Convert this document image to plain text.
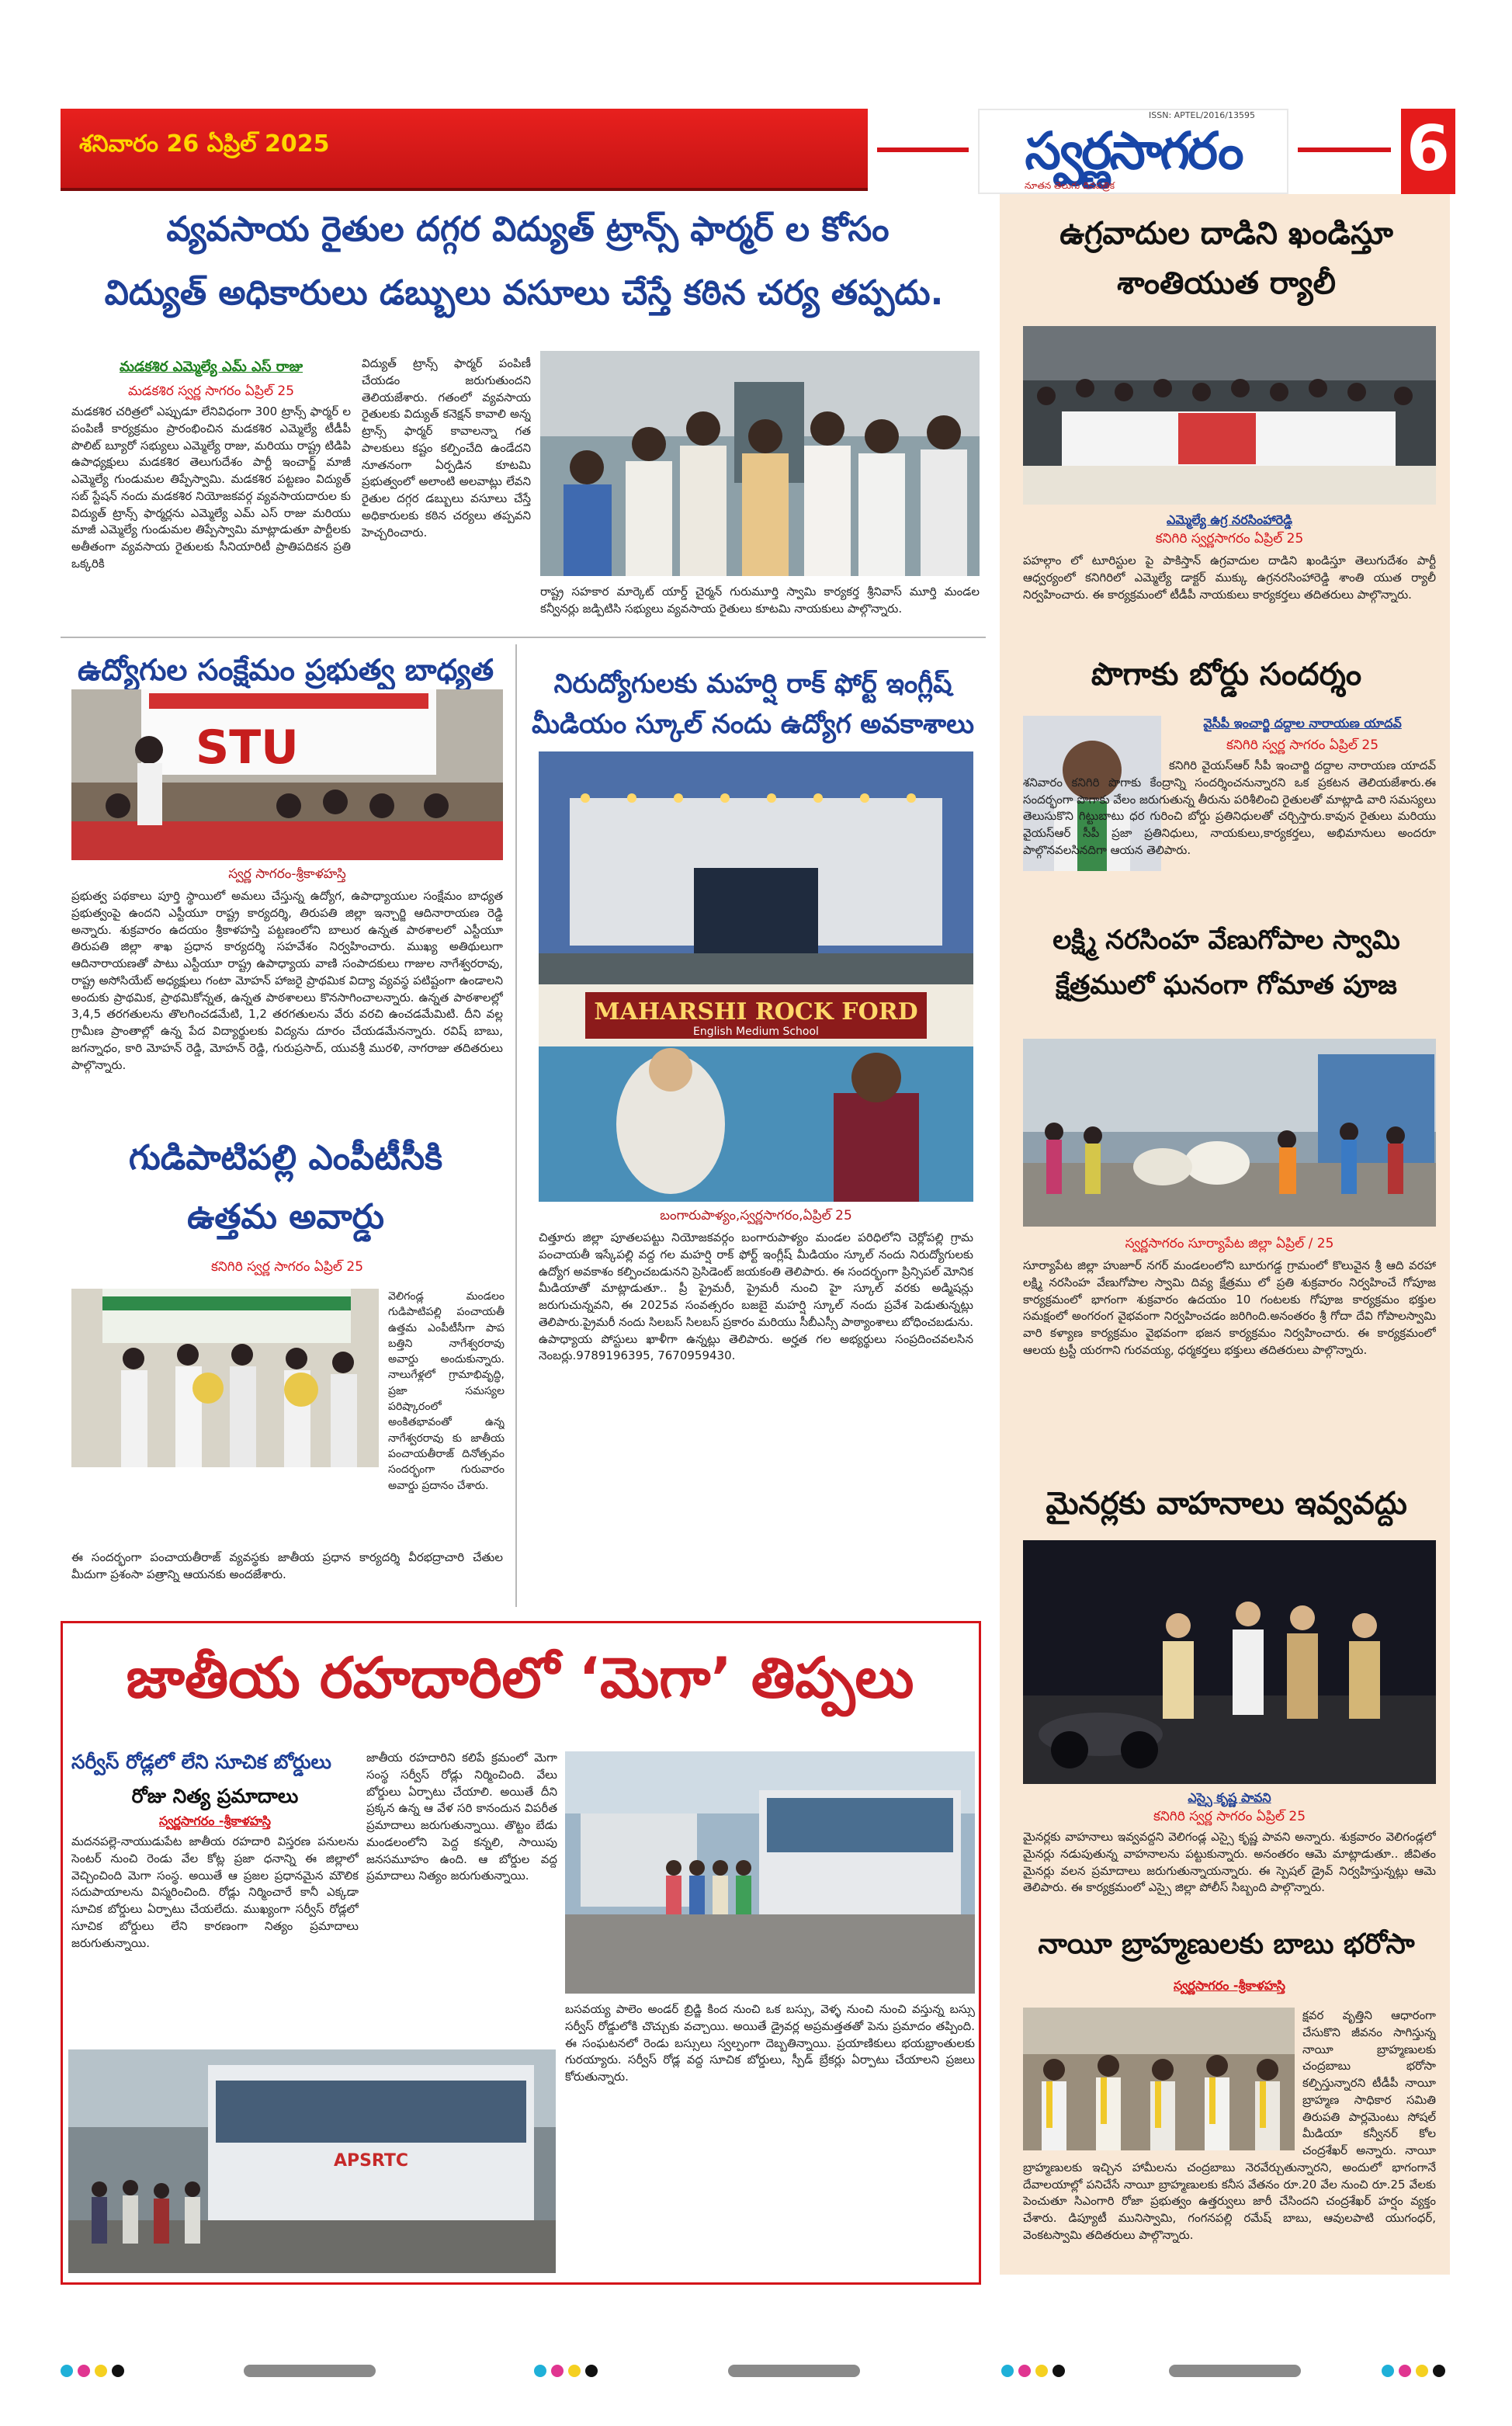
శనివారం 26 ఏప్రిల్ 2025
ISSN: APTEL/2016/13595
స్వర్ణసాగరం
నూతన తెలుగు దినపత్రిక
6
వ్యవసాయ రైతుల దగ్గర విద్యుత్ ట్రాన్స్ ఫార్మర్ ల కోసం
విద్యుత్ అధికారులు డబ్బులు వసూలు చేస్తే కఠిన చర్య తప్పదు.
మడకశిర ఎమ్మెల్యే ఎమ్ ఎస్ రాజు
మడకశిర స్వర్ణ సాగరం ఏప్రిల్ 25
మడకశిర చరిత్రలో ఎప్పుడూ లేనివిధంగా 300 ట్రాన్స్ ఫార్మర్ ల పంపిణీ కార్యక్రమం ప్రారంభించిన మడకశిర ఎమ్మెల్యే టీడీపీ పొలిట్ బ్యూరో సభ్యులు ఎమ్మెల్యే రాజు, మరియు రాష్ట్ర టిడిపి ఉపాధ్యక్షులు మడకశిర తెలుగుదేశం పార్టీ ఇంచార్జ్ మాజీ ఎమ్మెల్యే గుండుమల తిప్పేస్వామి. మడకశిర పట్టణం విద్యుత్ సబ్ స్టేషన్ నందు మడకశిర నియోజకవర్గ వ్యవసాయదారుల కు విద్యుత్ ట్రాన్స్ ఫార్మర్లను ఎమ్మెల్యే ఎమ్ ఎస్ రాజు మరియు మాజీ ఎమ్మెల్యే గుండుమల తిప్పేస్వామి మాట్లాడుతూ పార్టీలకు అతీతంగా వ్యవసాయ రైతులకు సీనియారిటీ ప్రాతిపదికన ప్రతి ఒక్కరికి
విద్యుత్ ట్రాన్స్ ఫార్మర్ పంపిణీ చేయడం జరుగుతుందని తెలియజేశారు. గతంలో వ్యవసాయ రైతులకు విద్యుత్ కనెక్షన్ కావాలి అన్న ట్రాన్స్ ఫార్మర్ కావాలన్నా గత పాలకులు కష్టం కల్పించేది ఉండేదని నూతనంగా ఏర్పడిన కూటమి ప్రభుత్వంలో అలాంటి అలవాట్లు లేవని రైతుల దగ్గర డబ్బులు వసూలు చేస్తే అధికారులకు కఠిన చర్యలు తప్పవని హెచ్చరించారు.
రాష్ట్ర సహకార మార్కెట్ యార్డ్ చైర్మన్ గురుమూర్తి స్వామి కార్యకర్త శ్రీనివాస్ మూర్తి మండల కన్వీనర్లు జడ్పిటిసి సభ్యులు వ్యవసాయ రైతులు కూటమి నాయకులు పాల్గొన్నారు.
ఉద్యోగుల సంక్షేమం ప్రభుత్వ బాధ్యత
STU
స్వర్ణ సాగరం-శ్రీకాళహస్తి
ప్రభుత్వ పథకాలు పూర్తి స్థాయిలో అమలు చేస్తున్న ఉద్యోగ, ఉపాధ్యాయుల సంక్షేమం బాధ్యత ప్రభుత్వంపై ఉందని ఎస్టీయూ రాష్ట్ర కార్యదర్శి, తిరుపతి జిల్లా ఇన్చార్జి ఆదినారాయణ రెడ్డి అన్నారు. శుక్రవారం ఉదయం శ్రీకాళహస్తి పట్టణంలోని బాలుర ఉన్నత పాఠశాలలో ఎస్టీయూ తిరుపతి జిల్లా శాఖ ప్రధాన కార్యదర్శి సహవేశం నిర్వహించారు. ముఖ్య అతిథులుగా ఆదినారాయణతో పాటు ఎస్టీయూ రాష్ట్ర ఉపాధ్యాయ వాణి సంపాదకులు గాజుల నాగేశ్వరరావు, రాష్ట్ర అసోసియేట్ అధ్యక్షులు గంటా మోహన్ హాజరై ప్రాథమిక విద్యా వ్యవస్థ పటిష్టంగా ఉండాలని అందుకు ప్రాథమిక, ప్రాథమికోన్నత, ఉన్నత పాఠశాలలు కొనసాగించాలన్నారు. ఉన్నత పాఠశాలల్లో 3,4,5 తరగతులను తొలగించడమేటి, 1,2 తరగతులను వేరు వరచి ఉంచడమేమిటి. దీని వల్ల గ్రామీణ ప్రాంతాల్లో ఉన్న పేద విద్యార్థులకు విద్యను దూరం చేయడమేనన్నారు. రవిష్ బాబు, జగన్నాధం, కారి మోహన్ రెడ్డి, మోహన్ రెడ్డి, గురుప్రసాద్, యువశ్రీ మురళి, నాగరాజు తదితరులు పాల్గొన్నారు.
గుడిపాటిపల్లి ఎంపీటీసీకి
ఉత్తమ అవార్డు
కనిగిరి స్వర్ణ సాగరం ఏప్రిల్ 25
వెలిగండ్ల మండలం గుడిపాటిపల్లి పంచాయతీ ఉత్తమ ఎంపీటీసీగా పాప బత్తిని నాగేశ్వరరావు అవార్డు అందుకున్నారు. నాలుగేళ్లలో గ్రామాభివృద్ధి, ప్రజా సమస్యల పరిష్కారంలో అంకితభావంతో ఉన్న నాగేశ్వరరావు కు జాతీయ పంచాయతీరాజ్ దినోత్సవం సందర్భంగా గురువారం అవార్డు ప్రదానం చేశారు.
ఈ సందర్భంగా పంచాయతీరాజ్ వ్యవస్థకు జాతీయ ప్రధాన కార్యదర్శి వీరభద్రాచారి చేతుల మీదుగా ప్రశంసా పత్రాన్ని ఆయనకు అందజేశారు.
నిరుద్యోగులకు మహర్షి రాక్ ఫోర్ట్ ఇంగ్లీష్
మీడియం స్కూల్ నందు ఉద్యోగ అవకాశాలు
MAHARSHI ROCK FORD
English Medium School
బంగారుపాళ్యం,స్వర్ణసాగరం,ఏప్రిల్ 25
చిత్తూరు జిల్లా పూతలపట్టు నియోజకవర్గం బంగారుపాళ్యం మండల పరిధిలోని చెర్లోపల్లి గ్రామ పంచాయతీ ఇస్కేపల్లి వద్ద గల మహర్షి రాక్ ఫోర్ట్ ఇంగ్లీష్ మీడియం స్కూల్ నందు నిరుద్యోగులకు ఉద్యోగ అవకాశం కల్పించబడునని ప్రెసిడెంట్ జయకంతి తెలిపారు. ఈ సందర్భంగా ప్రిన్సిపల్ మోనిక మీడియాతో మాట్లాడుతూ.. ప్రీ ప్రైమరీ, ప్రైమరీ నుంచి హై స్కూల్ వరకు అడ్మిషన్లు జరుగుచున్నవని, ఈ 2025వ సంవత్సరం బజబై మహర్షి స్కూల్ నందు ప్రవేశ పెడుతున్నట్లు తెలిపారు.ప్రైమరీ నందు సిలబస్ సిలబస్ ప్రకారం మరియు సీబీఎస్సీ పాఠ్యాంశాలు బోధించబడును. ఉపాధ్యాయ పోస్టులు ఖాళీగా ఉన్నట్లు తెలిపారు. అర్హత గల అభ్యర్థులు సంప్రదించవలసిన నెంబర్లు.9789196395, 7670959430.
జాతీయ రహదారిలో ‘మెగా’ తిప్పలు
సర్వీస్ రోడ్లలో లేని సూచిక బోర్డులు
రోజు నిత్య ప్రమాదాలు
స్వర్ణసాగరం -శ్రీకాళహస్తి
మదనపల్లె-నాయుడుపేట జాతీయ రహదారి విస్తరణ పనులను సెంటర్ నుంచి రెండు వేల కోట్ల ప్రజా ధనాన్ని ఈ జిల్లాలో వెచ్చించింది మెగా సంస్థ. అయితే ఆ ప్రజల ప్రధానమైన మౌలిక సదుపాయాలను విస్మరించింది. రోడ్లు నిర్మించారే కానీ ఎక్కడా సూచిక బోర్డులు ఏర్పాటు చేయలేదు. ముఖ్యంగా సర్వీస్ రోడ్లలో సూచిక బోర్డులు లేని కారణంగా నిత్యం ప్రమాదాలు జరుగుతున్నాయి.
జాతీయ రహదారిని కలిపే క్రమంలో మెగా సంస్థ సర్వీస్ రోడ్లు నిర్మించింది. వేలు బోర్డులు ఏర్పాటు చేయాలి. అయితే దీని ప్రక్కన ఉన్న ఆ వేళ సరి కానందున విపరీత ప్రమాదాలు జరుగుతున్నాయి. తొట్టం బేడు మండలంలోని పెద్ద కన్నలి, సాయిపు జనసమూహం ఉంది. ఆ బోర్డుల వద్ద ప్రమాదాలు నిత్యం జరుగుతున్నాయి.
బసవయ్య పాలెం అండర్ బ్రిడ్జి కింద నుంచి ఒక బస్సు, వెళ్ళ నుంచి నుంచి వస్తున్న బస్సు సర్వీస్ రోడ్డులోకి చొచ్చుకు వచ్చాయి. అయితే డ్రైవర్ల అప్రమత్తతతో పెను ప్రమాదం తప్పింది. ఈ సంఘటనలో రెండు బస్సులు స్వల్పంగా దెబ్బతిన్నాయి. ప్రయాణికులు భయభ్రాంతులకు గురయ్యారు. సర్వీస్ రోడ్ల వద్ద సూచిక బోర్డులు, స్పీడ్ బ్రేకర్లు ఏర్పాటు చేయాలని ప్రజలు కోరుతున్నారు.
APSRTC
ఉగ్రవాదుల దాడిని ఖండిస్తూ
శాంతియుత ర్యాలీ
ఎమ్మెల్యే ఉగ్ర నరసింహారెడ్డి
కనిగిరి స్వర్ణసాగరం ఏప్రిల్ 25
పహల్గాం లో టూరిస్టుల పై పాకిస్తాన్ ఉగ్రవాదుల దాడిని ఖండిస్తూ తెలుగుదేశం పార్టీ ఆధ్వర్యంలో కనిగిరిలో ఎమ్మెల్యే డాక్టర్ ముక్కు ఉగ్రనరసింహారెడ్డి శాంతి యుత ర్యాలీ నిర్వహించారు. ఈ కార్యక్రమంలో టీడీపీ నాయకులు కార్యకర్తలు తదితరులు పాల్గొన్నారు.
పొగాకు బోర్డు సందర్శం
వైసీపీ ఇంచార్జి దద్దాల నారాయణ యాదవ్
కనిగిరి స్వర్ణ సాగరం ఏప్రిల్ 25
కనిగిరి వైయస్ఆర్ సీపీ ఇంచార్జి దద్దాల నారాయణ యాదవ్ శనివారం కనిగిరి పొగాకు కేంద్రాన్ని సందర్శించనున్నారని ఒక ప్రకటన తెలియజేశారు.ఈ సందర్భంగా పొగాకు వేలం జరుగుతున్న తీరును పరిశీలించి రైతులతో మాట్లాడి వారి సమస్యలు తెలుసుకొని గిట్టుబాటు ధర గురించి బోర్డు ప్రతినిధులతో చర్చిస్తారు.కావున రైతులు మరియు వైయస్ఆర్ సీపీ ప్రజా ప్రతినిధులు, నాయకులు,కార్యకర్తలు, అభిమానులు అందరూ పాల్గొనవలసినదిగా ఆయన తెలిపారు.
లక్ష్మి నరసింహ వేణుగోపాల స్వామి
క్షేత్రములో ఘనంగా గోమాత పూజ
స్వర్ణసాగరం సూర్యాపేట జిల్లా ఏప్రిల్ / 25
సూర్యాపేట జిల్లా హుజూర్ నగర్ మండలంలోని బూరుగడ్డ గ్రామంలో కొలువైన శ్రీ ఆది వరహా లక్ష్మి నరసింహ వేణుగోపాల స్వామి దివ్య క్షేత్రము లో ప్రతి శుక్రవారం నిర్వహించే గోపూజ కార్యక్రమంలో భాగంగా శుక్రవారం ఉదయం 10 గంటలకు గోపూజ కార్యక్రమం భక్తుల సమక్షంలో అంగరంగ వైభవంగా నిర్వహించడం జరిగింది.అనంతరం శ్రీ గోదా దేవి గోపాలస్వామి వారి కళ్యాణ కార్యక్రమం వైభవంగా భజన కార్యక్రమం నిర్వహించారు. ఈ కార్యక్రమంలో ఆలయ ట్రస్టీ యరగాని గురవయ్య, ధర్మకర్తలు భక్తులు తదితరులు పాల్గొన్నారు.
మైనర్లకు వాహనాలు ఇవ్వవద్దు
ఎస్సై కృష్ణ పావని
కనిగిరి స్వర్ణ సాగరం ఏప్రిల్ 25
మైనర్లకు వాహనాలు ఇవ్వవద్దని వెలిగండ్ల ఎస్సై కృష్ణ పావని అన్నారు. శుక్రవారం వెలిగండ్లలో మైనర్లు నడుపుతున్న వాహనాలను పట్టుకున్నారు. అనంతరం ఆమె మాట్లాడుతూ.. జీవితం మైనర్లు వలన ప్రమాదాలు జరుగుతున్నాయన్నారు. ఈ స్పెషల్ డ్రైవ్ నిర్వహిస్తున్నట్లు ఆమె తెలిపారు. ఈ కార్యక్రమంలో ఎస్సై జిల్లా పోలీస్ సిబ్బంది పాల్గొన్నారు.
నాయీ బ్రాహ్మణులకు బాబు భరోసా
స్వర్ణసాగరం -శ్రీకాళహస్తి
క్షవర వృత్తిని ఆధారంగా చేసుకొని జీవనం సాగిస్తున్న నాయీ బ్రాహ్మణులకు చంద్రబాబు భరోసా కల్పిస్తున్నారని టీడీపీ నాయీ బ్రాహ్మణ సాధికార సమితి తిరుపతి పార్లమెంటు సోషల్ మీడియా కన్వీనర్ కోల చంద్రశేఖర్ అన్నారు. నాయీ బ్రాహ్మణులకు ఇచ్చిన హామీలను చంద్రబాబు నెరవేర్చుతున్నారని, అందులో భాగంగానే దేవాలయాల్లో పనిచేసే నాయీ బ్రాహ్మణులకు కనీస వేతనం రూ.20 వేల నుంచి రూ.25 వేలకు పెంచుతూ సిఎంగారి రోజా ప్రభుత్వం ఉత్తర్వులు జారీ చేసిందని చంద్రశేఖర్ హర్షం వ్యక్తం చేశారు. డిప్యూటీ మునిస్వామి, గంగనపల్లి రమేష్ బాబు, ఆవులపాటి యుగంధర్, వెంకటస్వామి తదితరులు పాల్గొన్నారు.
